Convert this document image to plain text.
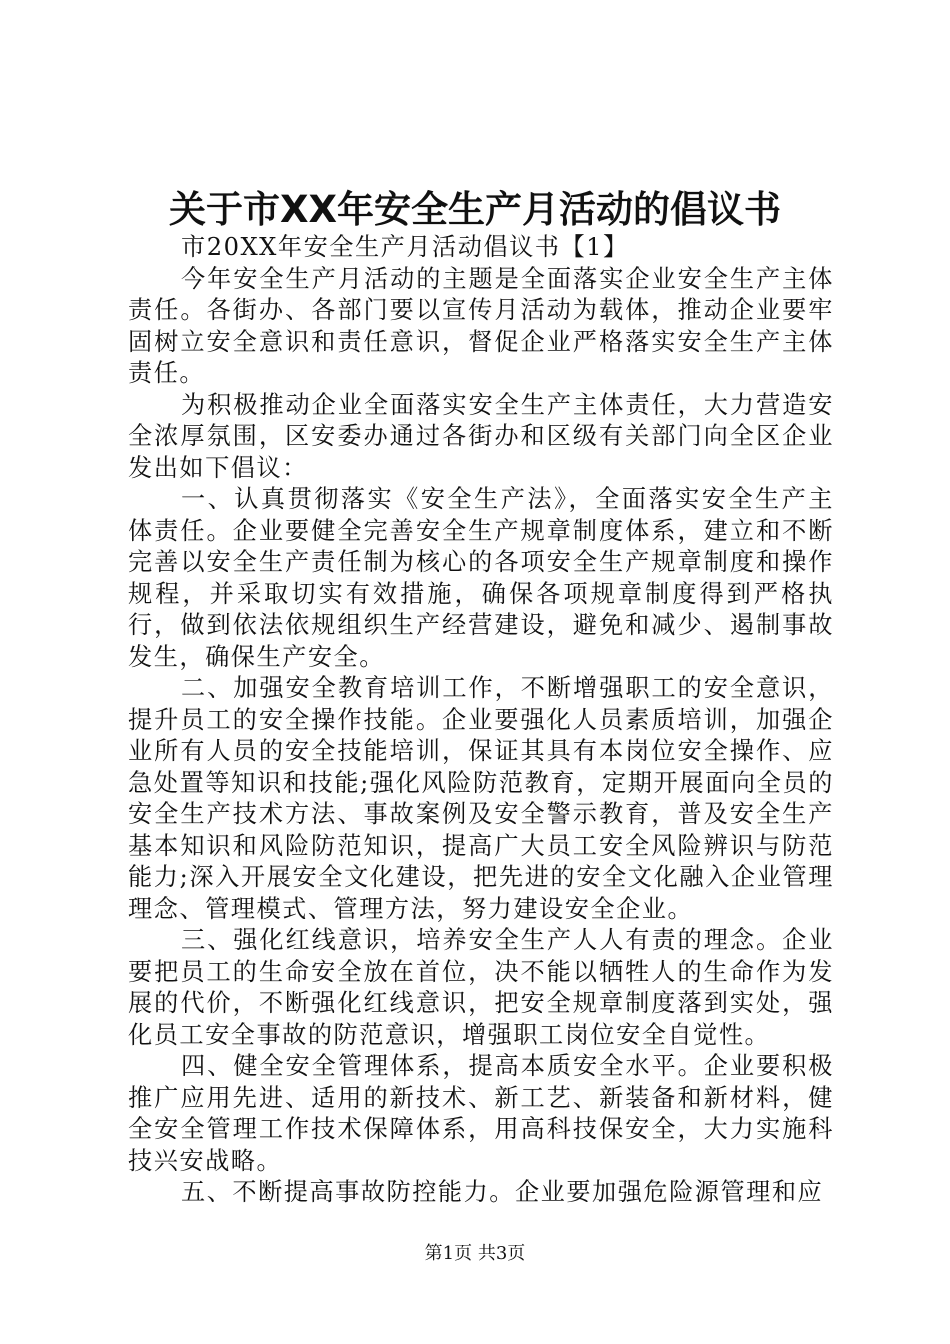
关于市XX年安全生产月活动的倡议书

市20XX年安全生产月活动倡议书【1】

今年安全生产月活动的主题是全面落实企业安全生产主体责任。各街办、各部门要以宣传月活动为载体，推动企业要牢固树立安全意识和责任意识，督促企业严格落实安全生产主体责任。

为积极推动企业全面落实安全生产主体责任，大力营造安全浓厚氛围，区安委办通过各街办和区级有关部门向全区企业发出如下倡议：

一、认真贯彻落实《安全生产法》，全面落实安全生产主体责任。企业要健全完善安全生产规章制度体系，建立和不断完善以安全生产责任制为核心的各项安全生产规章制度和操作规程，并采取切实有效措施，确保各项规章制度得到严格执行，做到依法依规组织生产经营建设，避免和减少、遏制事故发生，确保生产安全。

二、加强安全教育培训工作，不断增强职工的安全意识，提升员工的安全操作技能。企业要强化人员素质培训，加强企业所有人员的安全技能培训，保证其具有本岗位安全操作、应急处置等知识和技能;强化风险防范教育，定期开展面向全员的安全生产技术方法、事故案例及安全警示教育，普及安全生产基本知识和风险防范知识，提高广大员工安全风险辨识与防范能力;深入开展安全文化建设，把先进的安全文化融入企业管理理念、管理模式、管理方法，努力建设安全企业。

三、强化红线意识，培养安全生产人人有责的理念。企业要把员工的生命安全放在首位，决不能以牺牲人的生命作为发展的代价，不断强化红线意识，把安全规章制度落到实处，强化员工安全事故的防范意识，增强职工岗位安全自觉性。

四、健全安全管理体系，提高本质安全水平。企业要积极推广应用先进、适用的新技术、新工艺、新装备和新材料，健全安全管理工作技术保障体系，用高科技保安全，大力实施科技兴安战略。

五、不断提高事故防控能力。企业要加强危险源管理和应

第1页 共3页
